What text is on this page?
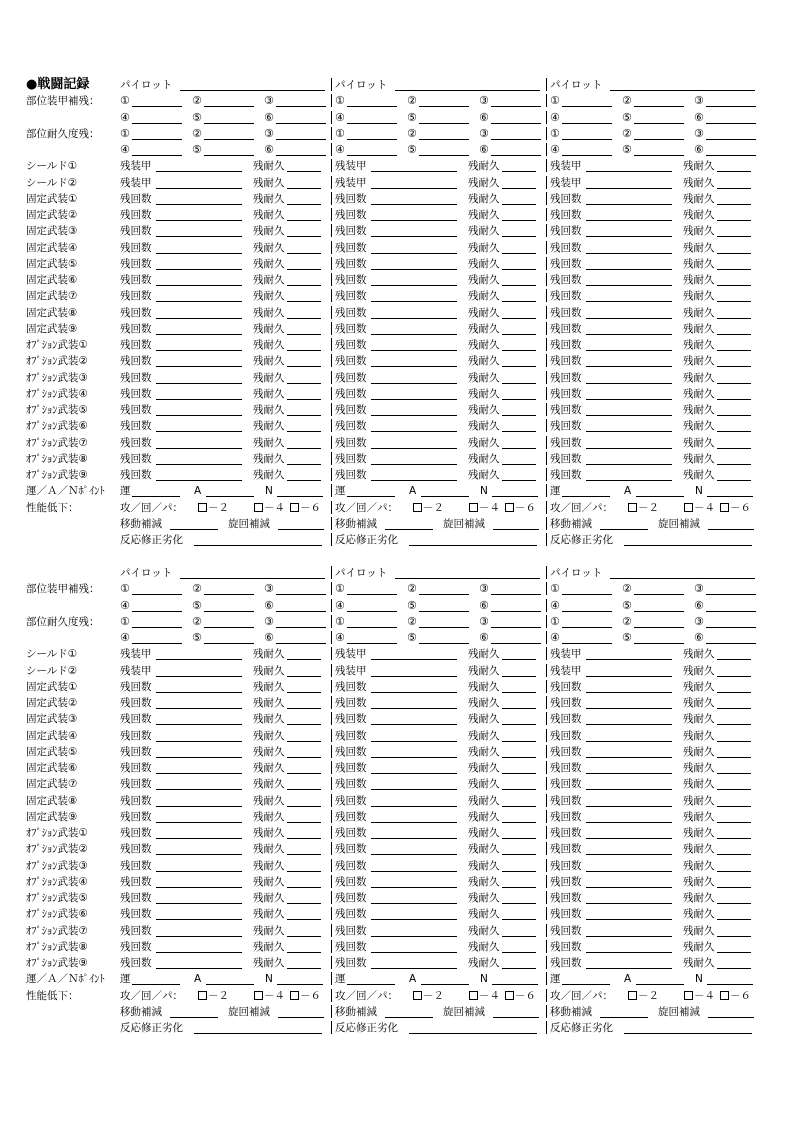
●戦闘記録	パイロット	パイロット	パイロット
部位装甲補残：	①	②	③	①	②	③	①	②	③
④	⑤	⑥	④	⑤	⑥	④	⑤	⑥
部位耐久度残：	①	②	③	①	②	③	①	②	③
④	⑤	⑥	④	⑤	⑥	④	⑤	⑥
シールド①	残装甲	残耐久	残装甲	残耐久	残装甲	残耐久
シールド②	残装甲	残耐久	残装甲	残耐久	残装甲	残耐久
固定武装①	残回数	残耐久	残回数	残耐久	残回数	残耐久
固定武装②	残回数	残耐久	残回数	残耐久	残回数	残耐久
固定武装③	残回数	残耐久	残回数	残耐久	残回数	残耐久
固定武装④	残回数	残耐久	残回数	残耐久	残回数	残耐久
固定武装⑤	残回数	残耐久	残回数	残耐久	残回数	残耐久
固定武装⑥	残回数	残耐久	残回数	残耐久	残回数	残耐久
固定武装⑦	残回数	残耐久	残回数	残耐久	残回数	残耐久
固定武装⑧	残回数	残耐久	残回数	残耐久	残回数	残耐久
固定武装⑨	残回数	残耐久	残回数	残耐久	残回数	残耐久
ｵﾌﾟｼｮﾝ武装①	残回数	残耐久	残回数	残耐久	残回数	残耐久
ｵﾌﾟｼｮﾝ武装②	残回数	残耐久	残回数	残耐久	残回数	残耐久
ｵﾌﾟｼｮﾝ武装③	残回数	残耐久	残回数	残耐久	残回数	残耐久
ｵﾌﾟｼｮﾝ武装④	残回数	残耐久	残回数	残耐久	残回数	残耐久
ｵﾌﾟｼｮﾝ武装⑤	残回数	残耐久	残回数	残耐久	残回数	残耐久
ｵﾌﾟｼｮﾝ武装⑥	残回数	残耐久	残回数	残耐久	残回数	残耐久
ｵﾌﾟｼｮﾝ武装⑦	残回数	残耐久	残回数	残耐久	残回数	残耐久
ｵﾌﾟｼｮﾝ武装⑧	残回数	残耐久	残回数	残耐久	残回数	残耐久
ｵﾌﾟｼｮﾝ武装⑨	残回数	残耐久	残回数	残耐久	残回数	残耐久
運／Ａ／Ｎﾎﾟｲﾝﾄ	運	A	N	運	A	N	運	A	N
性能低下：	攻／回／パ：	－２	－４	－６ 攻／回／パ：	－２	－４	－６ 攻／回／パ：	－２	－４	－６
移動補減	旋回補減	移動補減	旋回補減	移動補減	旋回補減
反応修正劣化	反応修正劣化	反応修正劣化
パイロット	パイロット	パイロット
部位装甲補残：	①	②	③	①	②	③	①	②	③
④	⑤	⑥	④	⑤	⑥	④	⑤	⑥
部位耐久度残：	①	②	③	①	②	③	①	②	③
④	⑤	⑥	④	⑤	⑥	④	⑤	⑥
シールド①	残装甲	残耐久	残装甲	残耐久	残装甲	残耐久
シールド②	残装甲	残耐久	残装甲	残耐久	残装甲	残耐久
固定武装①	残回数	残耐久	残回数	残耐久	残回数	残耐久
固定武装②	残回数	残耐久	残回数	残耐久	残回数	残耐久
固定武装③	残回数	残耐久	残回数	残耐久	残回数	残耐久
固定武装④	残回数	残耐久	残回数	残耐久	残回数	残耐久
固定武装⑤	残回数	残耐久	残回数	残耐久	残回数	残耐久
固定武装⑥	残回数	残耐久	残回数	残耐久	残回数	残耐久
固定武装⑦	残回数	残耐久	残回数	残耐久	残回数	残耐久
固定武装⑧	残回数	残耐久	残回数	残耐久	残回数	残耐久
固定武装⑨	残回数	残耐久	残回数	残耐久	残回数	残耐久
ｵﾌﾟｼｮﾝ武装①	残回数	残耐久	残回数	残耐久	残回数	残耐久
ｵﾌﾟｼｮﾝ武装②	残回数	残耐久	残回数	残耐久	残回数	残耐久
ｵﾌﾟｼｮﾝ武装③	残回数	残耐久	残回数	残耐久	残回数	残耐久
ｵﾌﾟｼｮﾝ武装④	残回数	残耐久	残回数	残耐久	残回数	残耐久
ｵﾌﾟｼｮﾝ武装⑤	残回数	残耐久	残回数	残耐久	残回数	残耐久
ｵﾌﾟｼｮﾝ武装⑥	残回数	残耐久	残回数	残耐久	残回数	残耐久
ｵﾌﾟｼｮﾝ武装⑦	残回数	残耐久	残回数	残耐久	残回数	残耐久
ｵﾌﾟｼｮﾝ武装⑧	残回数	残耐久	残回数	残耐久	残回数	残耐久
ｵﾌﾟｼｮﾝ武装⑨	残回数	残耐久	残回数	残耐久	残回数	残耐久
運／Ａ／Ｎﾎﾟｲﾝﾄ	運	A	N	運	A	N	運	A	N
性能低下：	攻／回／パ：	－２	－４	－６ 攻／回／パ：	－２	－４	－６ 攻／回／パ：	－２	－４	－６
移動補減	旋回補減	移動補減	旋回補減	移動補減	旋回補減
反応修正劣化	反応修正劣化	反応修正劣化
